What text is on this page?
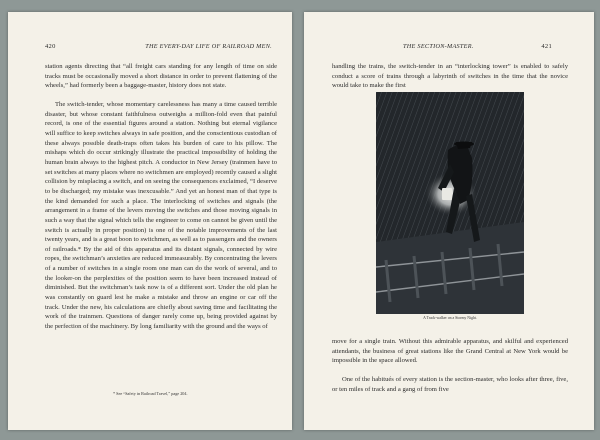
420	THE EVERY-DAY LIFE OF RAILROAD MEN.

station agents directing that “all freight cars standing for any length of time on side tracks must be occasionally moved a short distance in order to prevent flattening of the wheels,” had formerly been a baggage-master, history does not state.

The switch-tender, whose momentary carelessness has many a time caused terrible disaster, but whose constant faithfulness outweighs a million-fold even that painful record, is one of the essential figures around a station. Nothing but eternal vigilance will suffice to keep switches always in safe position, and the conscientious custodian of these always possible death-traps often takes his burden of care to his pillow. The mishaps which do occur strikingly illustrate the practical impossibility of holding the human brain always to the highest pitch. A conductor in New Jersey (trainmen have to set switches at many places where no switchmen are employed) recently caused a slight collision by misplacing a switch, and on seeing the consequences exclaimed, “I deserve to be discharged; my mistake was inexcusable.” And yet an honest man of that type is the kind demanded for such a place. The interlocking of switches and signals (the arrangement in a frame of the levers moving the switches and those moving signals in such a way that the signal which tells the engineer to come on cannot be given until the switch is actually in proper position) is one of the notable improvements of the last twenty years, and is a great boon to switchmen, as well as to passengers and the owners of railroads.* By the aid of this apparatus and its distant signals, connected by wire ropes, the switchman’s anxieties are reduced immeasurably. By concentrating the levers of a number of switches in a single room one man can do the work of several, and to the looker-on the perplexities of the position seem to have been increased instead of diminished. But the switchman’s task now is of a different sort. Under the old plan he was constantly on guard lest he make a mistake and throw an engine or car off the track. Under the new, his calculations are chiefly about saving time and facilitating the work of the trainmen. Questions of danger rarely come up, being provided against by the perfection of the machinery. By long familiarity with the ground and the ways of

* See “Safety in Railroad Travel,” page 204.
THE SECTION-MASTER.	421

handling the trains, the switch-tender in an “interlocking tower” is enabled to safely conduct a score of trains through a labyrinth of switches in the time that the novice would take to make the first

A Track-walker on a Stormy Night.

move for a single train. Without this admirable apparatus, and skilful and experienced attendants, the business of great stations like the Grand Central at New York would be impossible in the space allowed.

One of the habitués of every station is the section-master, who looks after three, five, or ten miles of track and a gang of from five
